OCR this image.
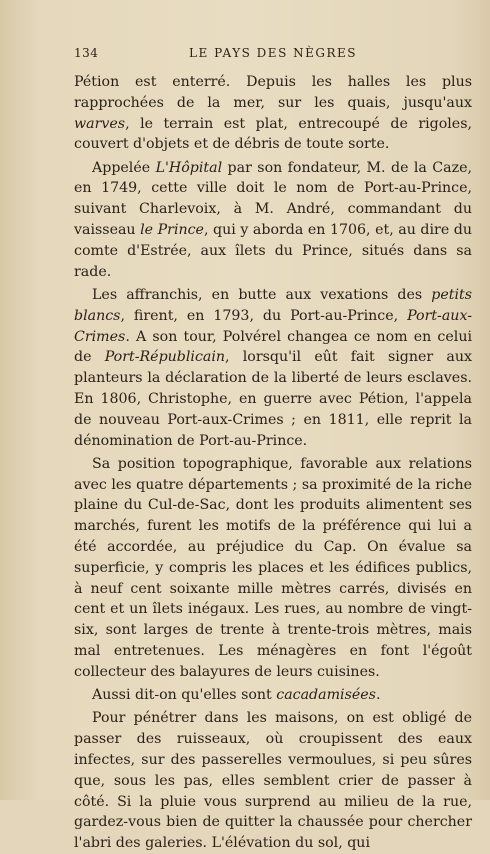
134	LE PAYS DES NÈGRES

Pétion est enterré. Depuis les halles les plus rapprochées de la mer, sur les quais, jusqu'aux warves, le terrain est plat, entrecoupé de rigoles, couvert d'objets et de débris de toute sorte.

Appelée L'Hôpital par son fondateur, M. de la Caze, en 1749, cette ville doit le nom de Port-au-Prince, suivant Charlevoix, à M. André, commandant du vaisseau le Prince, qui y aborda en 1706, et, au dire du comte d'Estrée, aux îlets du Prince, situés dans sa rade.

Les affranchis, en butte aux vexations des petits blancs, firent, en 1793, du Port-au-Prince, Port-aux-Crimes. A son tour, Polvérel changea ce nom en celui de Port-Républicain, lorsqu'il eût fait signer aux planteurs la déclaration de la liberté de leurs esclaves. En 1806, Christophe, en guerre avec Pétion, l'appela de nouveau Port-aux-Crimes ; en 1811, elle reprit la dénomination de Port-au-Prince.

Sa position topographique, favorable aux relations avec les quatre départements ; sa proximité de la riche plaine du Cul-de-Sac, dont les produits alimentent ses marchés, furent les motifs de la préférence qui lui a été accordée, au préjudice du Cap. On évalue sa superficie, y compris les places et les édifices publics, à neuf cent soixante mille mètres carrés, divisés en cent et un îlets inégaux. Les rues, au nombre de vingt-six, sont larges de trente à trente-trois mètres, mais mal entretenues. Les ménagères en font l'égoût collecteur des balayures de leurs cuisines.

Aussi dit-on qu'elles sont cacadamisées.

Pour pénétrer dans les maisons, on est obligé de passer des ruisseaux, où croupissent des eaux infectes, sur des passerelles vermoulues, si peu sûres que, sous les pas, elles semblent crier de passer à côté. Si la pluie vous surprend au milieu de la rue, gardez-vous bien de quitter la chaussée pour chercher l'abri des galeries. L'élévation du sol, qui
